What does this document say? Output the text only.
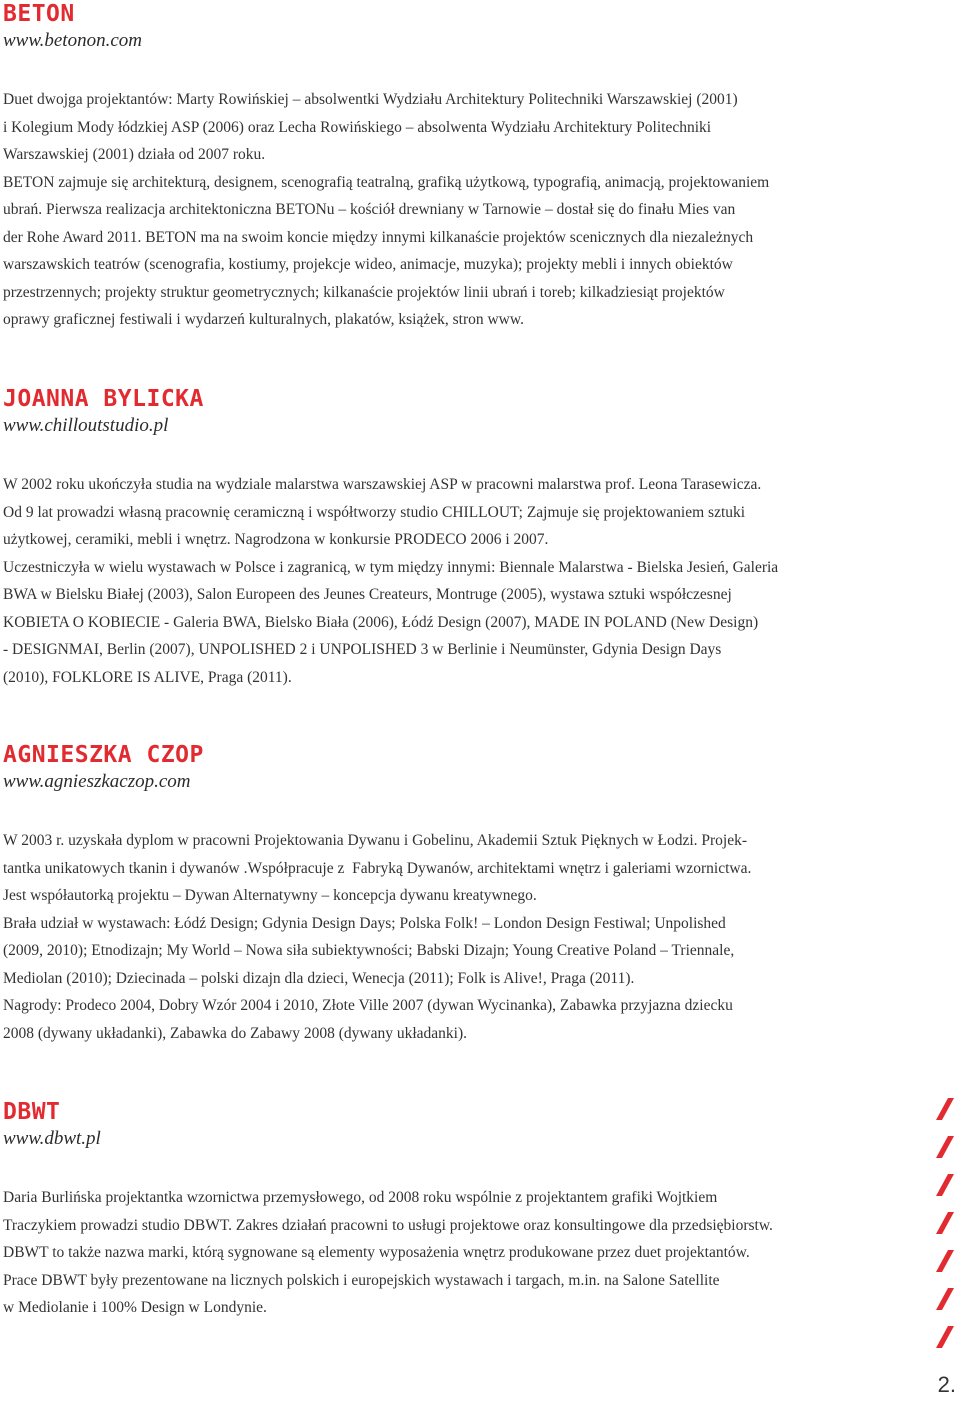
BETON
www.betonon.com

Duet dwojga projektantów: Marty Rowińskiej – absolwentki Wydziału Architektury Politechniki Warszawskiej (2001)
i Kolegium Mody łódzkiej ASP (2006) oraz Lecha Rowińskiego – absolwenta Wydziału Architektury Politechniki
Warszawskiej (2001) działa od 2007 roku.

BETON zajmuje się architekturą, designem, scenografią teatralną, grafiką użytkową, typografią, animacją, projektowaniem
ubrań. Pierwsza realizacja architektoniczna BETONu – kościół drewniany w Tarnowie – dostał się do finału Mies van
der Rohe Award 2011. BETON ma na swoim koncie między innymi kilkanaście projektów scenicznych dla niezależnych
warszawskich teatrów (scenografia, kostiumy, projekcje wideo, animacje, muzyka); projekty mebli i innych obiektów
przestrzennych; projekty struktur geometrycznych; kilkanaście projektów linii ubrań i toreb; kilkadziesiąt projektów
oprawy graficznej festiwali i wydarzeń kulturalnych, plakatów, książek, stron www.

JOANNA BYLICKA
www.chilloutstudio.pl

W 2002 roku ukończyła studia na wydziale malarstwa warszawskiej ASP w pracowni malarstwa prof. Leona Tarasewicza.
Od 9 lat prowadzi własną pracownię ceramiczną i współtworzy studio CHILLOUT; Zajmuje się projektowaniem sztuki
użytkowej, ceramiki, mebli i wnętrz. Nagrodzona w konkursie PRODECO 2006 i 2007.

Uczestniczyła w wielu wystawach w Polsce i zagranicą, w tym między innymi: Biennale Malarstwa - Bielska Jesień, Galeria
BWA w Bielsku Białej (2003), Salon Europeen des Jeunes Createurs, Montruge (2005), wystawa sztuki współczesnej
KOBIETA O KOBIECIE - Galeria BWA, Bielsko Biała (2006), Łódź Design (2007), MADE IN POLAND (New Design)
- DESIGNMAI, Berlin (2007), UNPOLISHED 2 i UNPOLISHED 3 w Berlinie i Neumünster, Gdynia Design Days
(2010), FOLKLORE IS ALIVE, Praga (2011).

AGNIESZKA CZOP
www.agnieszkaczop.com

W 2003 r. uzyskała dyplom w pracowni Projektowania Dywanu i Gobelinu, Akademii Sztuk Pięknych w Łodzi. Projek-
tantka unikatowych tkanin i dywanów .Współpracuje z  Fabryką Dywanów, architektami wnętrz i galeriami wzornictwa.
Jest współautorką projektu – Dywan Alternatywny – koncepcja dywanu kreatywnego.

Brała udział w wystawach: Łódź Design; Gdynia Design Days; Polska Folk! – London Design Festiwal; Unpolished
(2009, 2010); Etnodizajn; My World – Nowa siła subiektywności; Babski Dizajn; Young Creative Poland – Triennale,
Mediolan (2010); Dziecinada – polski dizajn dla dzieci, Wenecja (2011); Folk is Alive!, Praga (2011).

Nagrody: Prodeco 2004, Dobry Wzór 2004 i 2010, Złote Ville 2007 (dywan Wycinanka), Zabawka przyjazna dziecku
2008 (dywany układanki), Zabawka do Zabawy 2008 (dywany układanki).

DBWT
www.dbwt.pl

Daria Burlińska projektantka wzornictwa przemysłowego, od 2008 roku wspólnie z projektantem grafiki Wojtkiem
Traczykiem prowadzi studio DBWT. Zakres działań pracowni to usługi projektowe oraz konsultingowe dla przedsiębiorstw.
DBWT to także nazwa marki, którą sygnowane są elementy wyposażenia wnętrz produkowane przez duet projektantów.
Prace DBWT były prezentowane na licznych polskich i europejskich wystawach i targach, m.in. na Salone Satellite
w Mediolanie i 100% Design w Londynie.

2.
